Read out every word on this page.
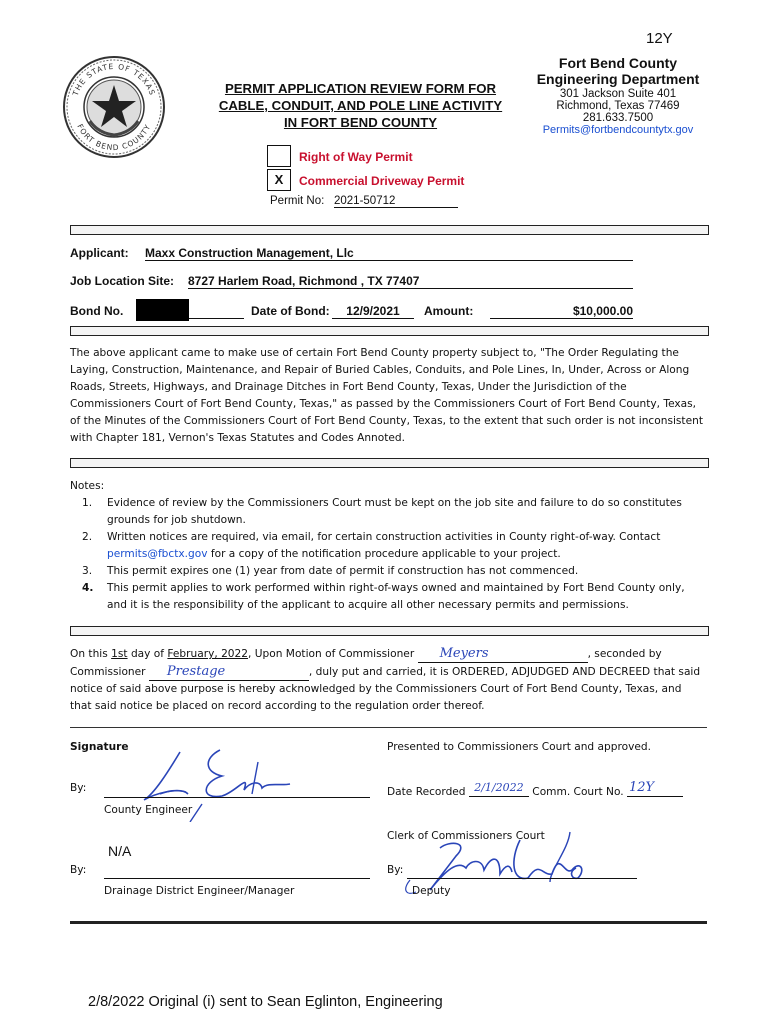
12Y
THE STATE OF TEXAS
FORT BEND COUNTY
PERMIT APPLICATION REVIEW FORM FOR
CABLE, CONDUIT, AND POLE LINE ACTIVITY
IN FORT BEND COUNTY
Fort Bend County
Engineering Department
301 Jackson Suite 401
Richmond, Texas 77469
281.633.7500
Permits@fortbendcountytx.gov
Right of Way Permit
X	Commercial Driveway Permit
Permit No: 2021-50712
Applicant: Maxx Construction Management, Llc
Job Location Site: 8727 Harlem Road, Richmond , TX 77407
Bond No.	Date of Bond:	12/9/2021	Amount:	$10,000.00
The above applicant came to make use of certain Fort Bend County property subject to, "The Order Regulating the Laying, Construction, Maintenance, and Repair of Buried Cables, Conduits, and Pole Lines, In, Under, Across or Along Roads, Streets, Highways, and Drainage Ditches in Fort Bend County, Texas, Under the Jurisdiction of the Commissioners Court of Fort Bend County, Texas," as passed by the Commissioners Court of Fort Bend County, Texas, of the Minutes of the Commissioners Court of Fort Bend County, Texas, to the extent that such order is not inconsistent with Chapter 181, Vernon's Texas Statutes and Codes Annoted.
Notes:
1. Evidence of review by the Commissioners Court must be kept on the job site and failure to do so constitutes
grounds for job shutdown.
2. Written notices are required, via email, for certain construction activities in County right-of-way. Contact
permits@fbctx.gov for a copy of the notification procedure applicable to your project.
3. This permit expires one (1) year from date of permit if construction has not commenced.
4. This permit applies to work performed within right-of-ways owned and maintained by Fort Bend County only,
and it is the responsibility of the applicant to acquire all other necessary permits and permissions.
On this 1st day of February, 2022, Upon Motion of Commissioner Meyers	, seconded by
Commissioner Prestage	, duly put and carried, it is ORDERED, ADJUDGED AND DECREED that said
notice of said above purpose is hereby acknowledged by the Commissioners Court of Fort Bend County, Texas, and
that said notice be placed on record according to the regulation order thereof.
Signature
By:
County Engineer
N/A
By:
Drainage District Engineer/Manager
Presented to Commissioners Court and approved.
Date Recorded 2/1/2022 Comm. Court No. 12Y
Clerk of Commissioners Court
By:
Deputy
2/8/2022 Original (i) sent to Sean Eglinton, Engineering
